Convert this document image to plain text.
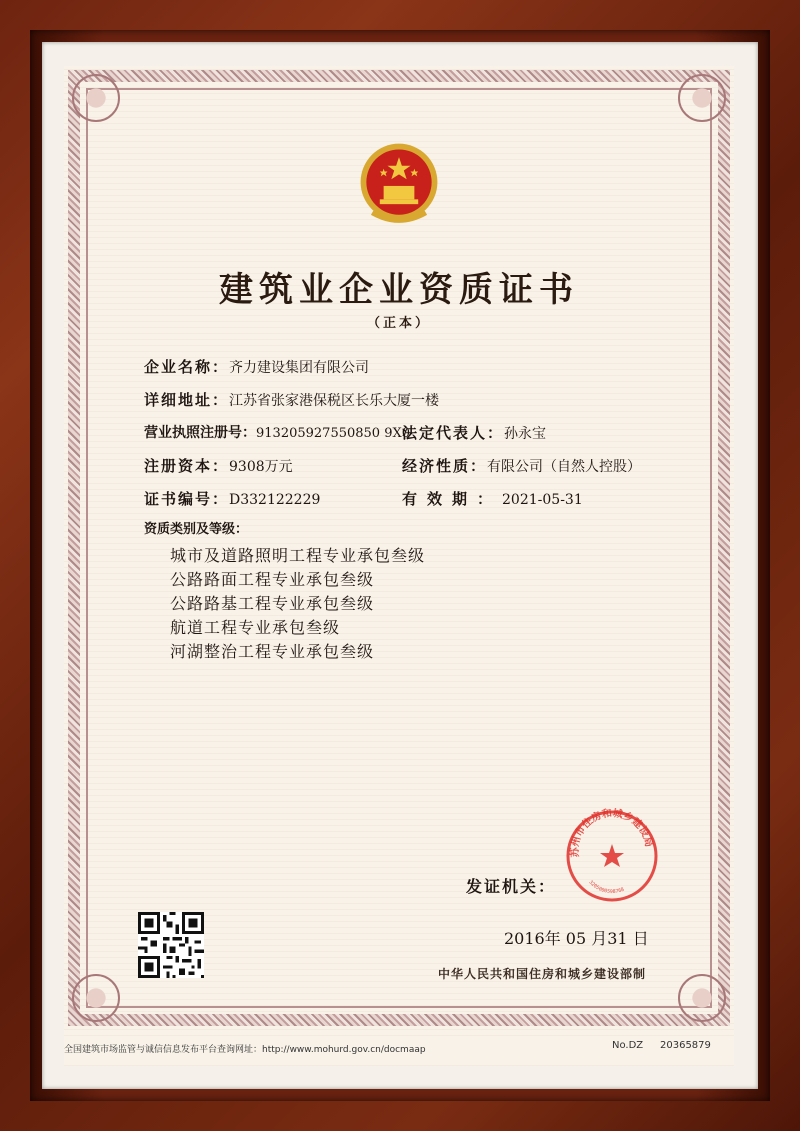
建筑业企业资质证书
（正本）
企业名称：齐力建设集团有限公司
详细地址：江苏省张家港保税区长乐大厦一楼
营业执照注册号：913205927550850 9X0
法定代表人：孙永宝
注册资本：9308万元	经济性质：有限公司（自然人控股）
证书编号：D332122229	有效期：2021-05-31
资质类别及等级：
城市及道路照明工程专业承包叁级
公路路面工程专业承包叁级
公路路基工程专业承包叁级
航道工程专业承包叁级
河湖整治工程专业承包叁级
苏州市住房和城乡建设局
3205000598768
发证机关：
2016年 05 月31 日
中华人民共和国住房和城乡建设部制
全国建筑市场监管与诚信信息发布平台查询网址：http://www.mohurd.gov.cn/docmaap	No.DZ 20365879
